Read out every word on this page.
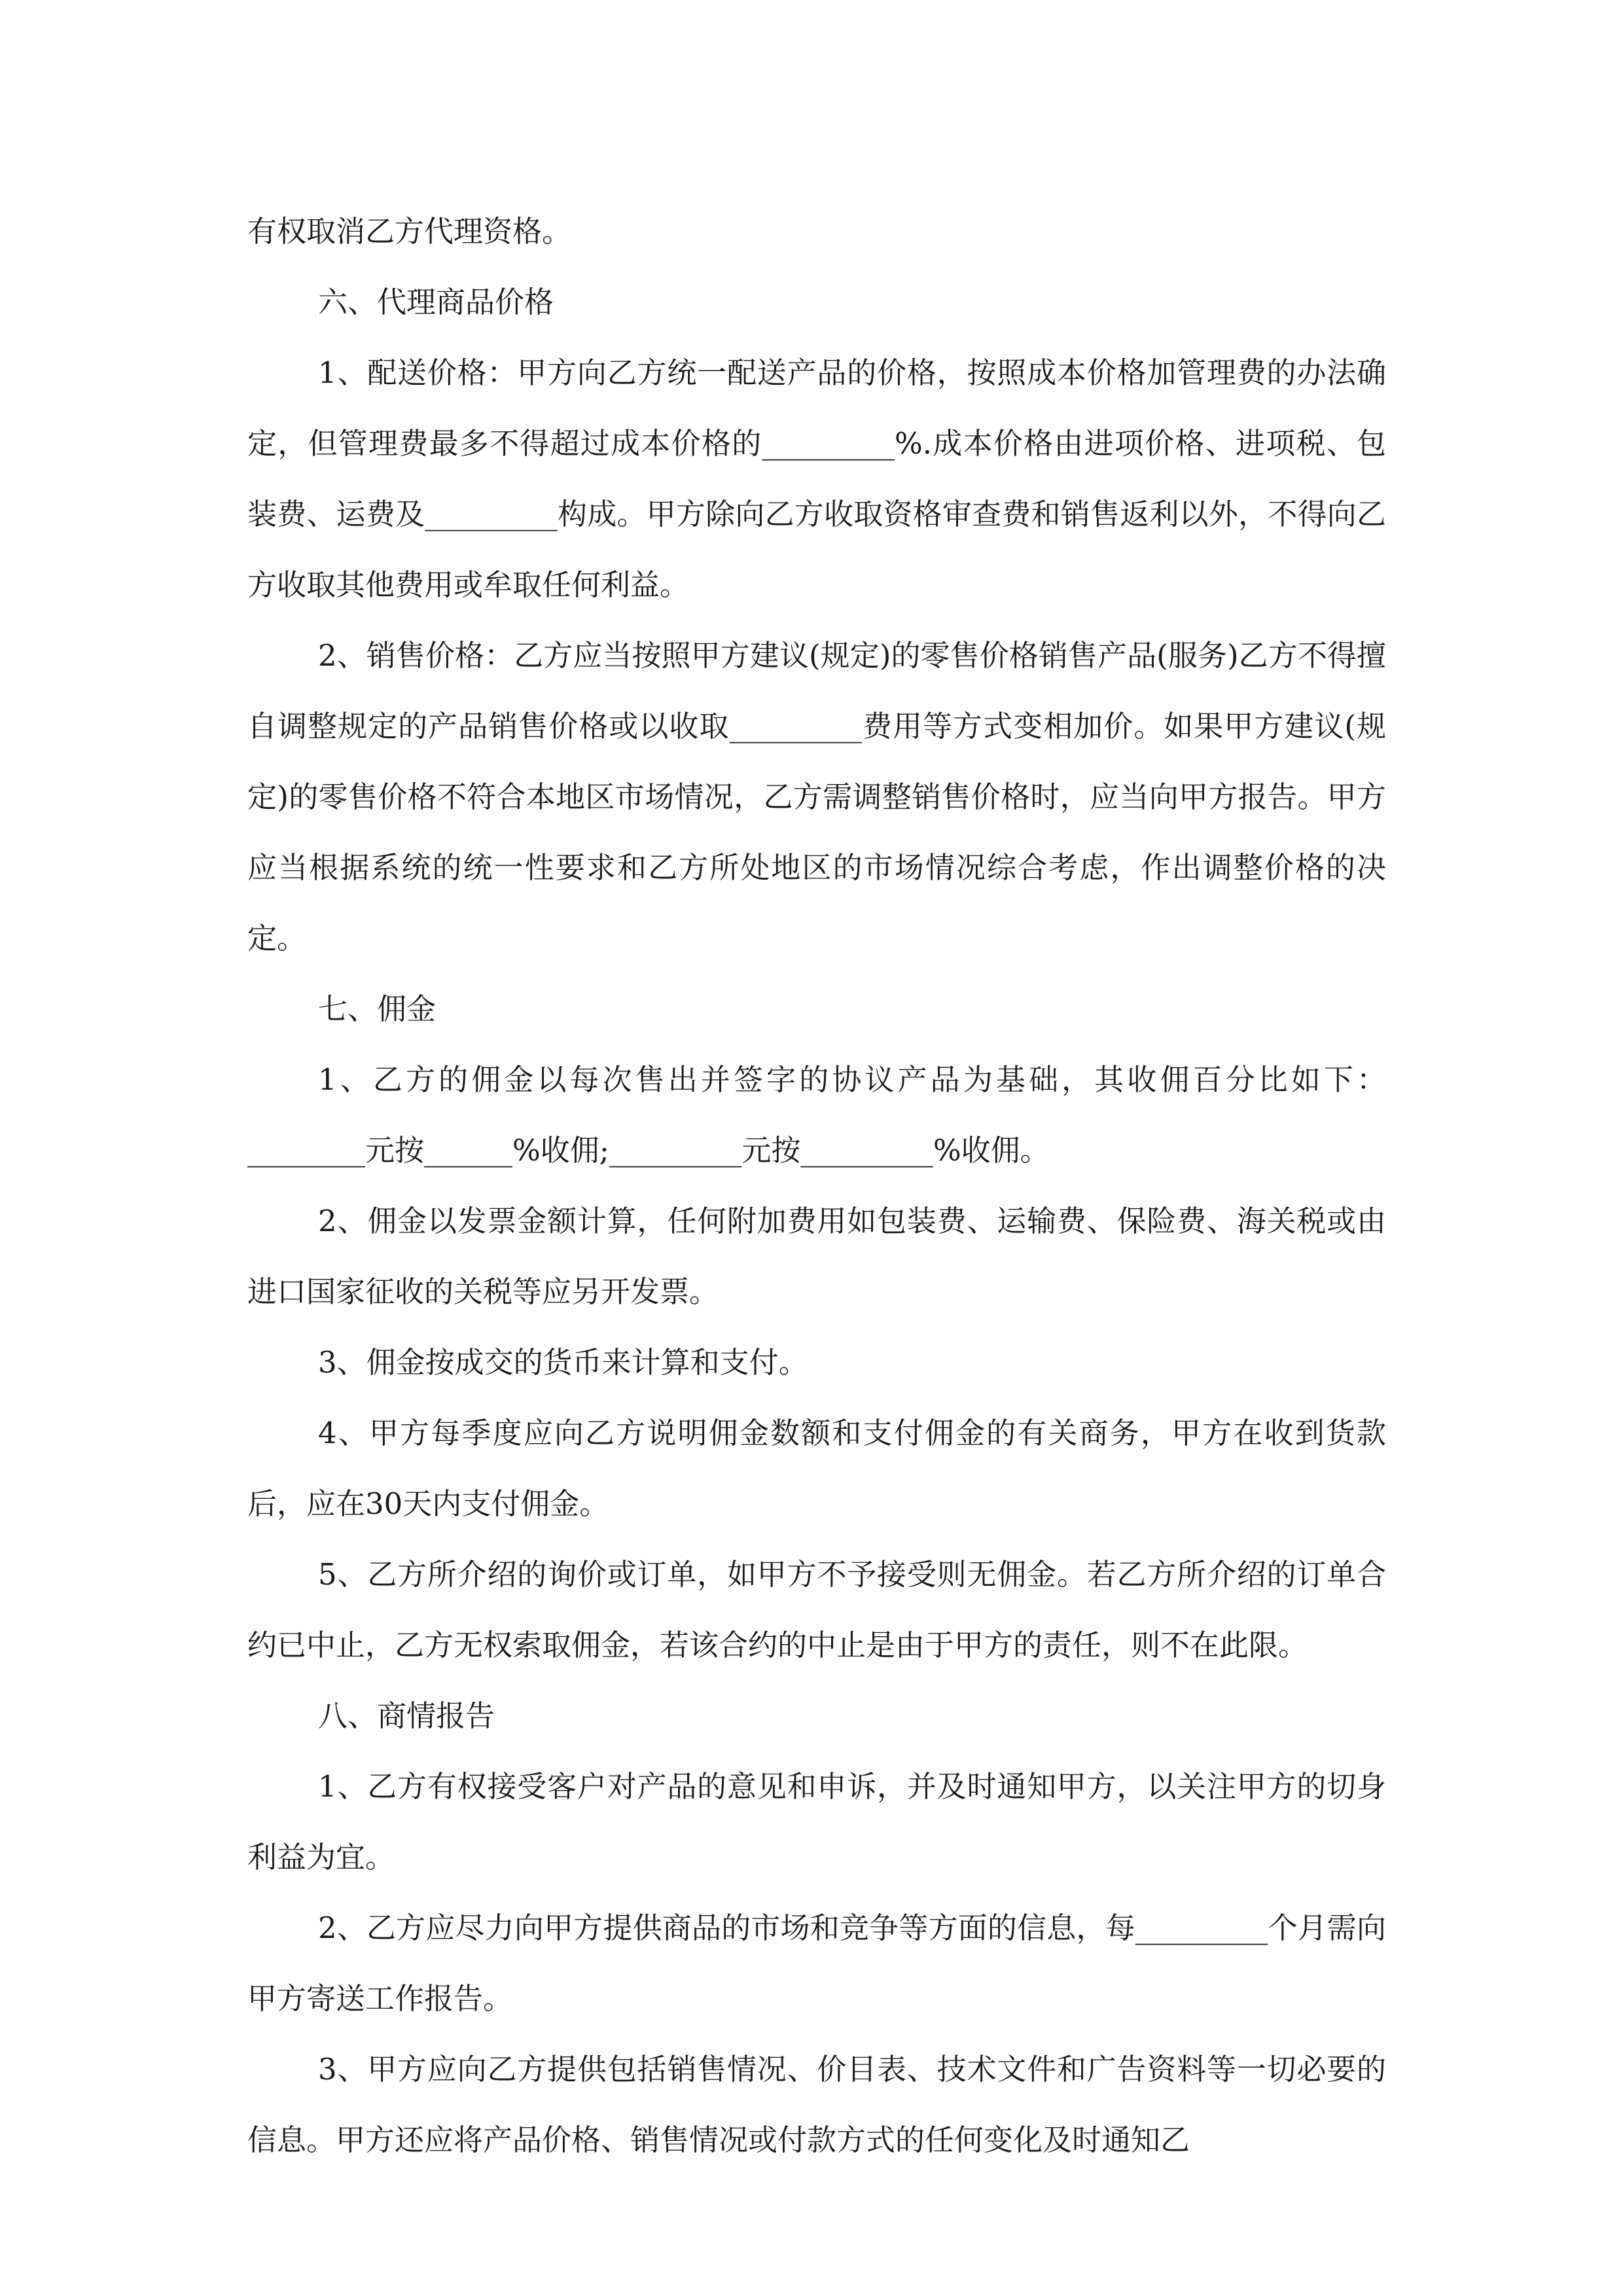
有权取消乙方代理资格。

六、代理商品价格

1、配送价格：甲方向乙方统一配送产品的价格，按照成本价格加管理费的办法确定，但管理费最多不得超过成本价格的_________%.成本价格由进项价格、进项税、包装费、运费及_________构成。甲方除向乙方收取资格审查费和销售返利以外，不得向乙方收取其他费用或牟取任何利益。

2、销售价格：乙方应当按照甲方建议(规定)的零售价格销售产品(服务)乙方不得擅自调整规定的产品销售价格或以收取_________费用等方式变相加价。如果甲方建议(规定)的零售价格不符合本地区市场情况，乙方需调整销售价格时，应当向甲方报告。甲方应当根据系统的统一性要求和乙方所处地区的市场情况综合考虑，作出调整价格的决定。

七、佣金

1、乙方的佣金以每次售出并签字的协议产品为基础，其收佣百分比如下：________元按______%收佣;_________元按_________%收佣。

2、佣金以发票金额计算，任何附加费用如包装费、运输费、保险费、海关税或由进口国家征收的关税等应另开发票。

3、佣金按成交的货币来计算和支付。

4、甲方每季度应向乙方说明佣金数额和支付佣金的有关商务，甲方在收到货款后，应在30天内支付佣金。

5、乙方所介绍的询价或订单，如甲方不予接受则无佣金。若乙方所介绍的订单合约已中止，乙方无权索取佣金，若该合约的中止是由于甲方的责任，则不在此限。

八、商情报告

1、乙方有权接受客户对产品的意见和申诉，并及时通知甲方，以关注甲方的切身利益为宜。

2、乙方应尽力向甲方提供商品的市场和竞争等方面的信息，每_________个月需向甲方寄送工作报告。

3、甲方应向乙方提供包括销售情况、价目表、技术文件和广告资料等一切必要的信息。甲方还应将产品价格、销售情况或付款方式的任何变化及时通知乙
